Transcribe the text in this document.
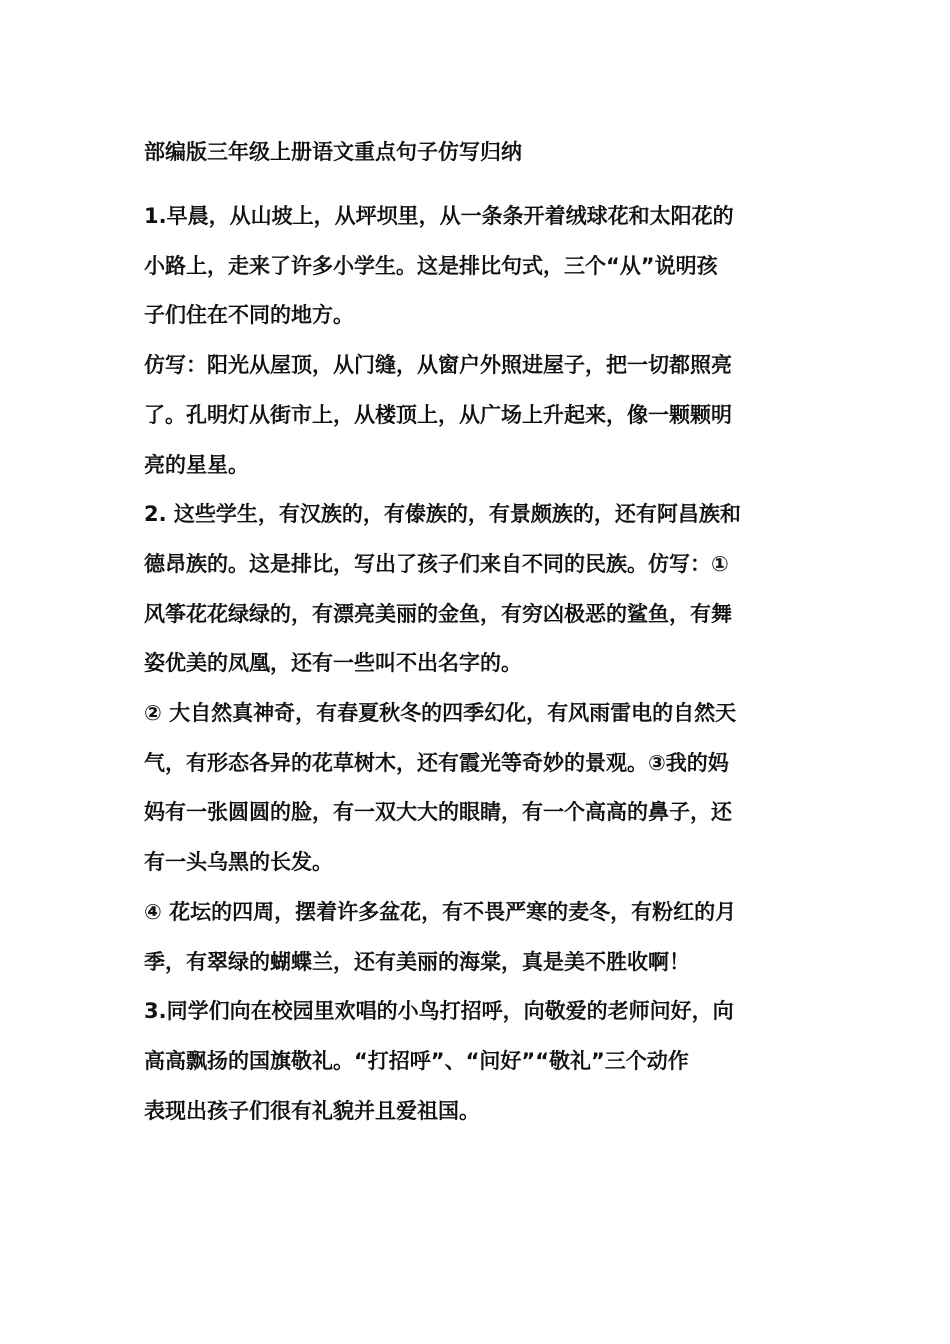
部编版三年级上册语文重点句子仿写归纳

1.早晨，从山坡上，从坪坝里，从一条条开着绒球花和太阳花的

小路上，走来了许多小学生。这是排比句式，三个“从”说明孩

子们住在不同的地方。

仿写：阳光从屋顶，从门缝，从窗户外照进屋子，把一切都照亮

了。孔明灯从街市上，从楼顶上，从广场上升起来，像一颗颗明

亮的星星。

2. 这些学生，有汉族的，有傣族的，有景颇族的，还有阿昌族和

德昂族的。这是排比，写出了孩子们来自不同的民族。仿写：①

风筝花花绿绿的，有漂亮美丽的金鱼，有穷凶极恶的鲨鱼，有舞

姿优美的凤凰，还有一些叫不出名字的。

② 大自然真神奇，有春夏秋冬的四季幻化，有风雨雷电的自然天

气，有形态各异的花草树木，还有霞光等奇妙的景观。③我的妈

妈有一张圆圆的脸，有一双大大的眼睛，有一个高高的鼻子，还

有一头乌黑的长发。

④ 花坛的四周，摆着许多盆花，有不畏严寒的麦冬，有粉红的月

季，有翠绿的蝴蝶兰，还有美丽的海棠，真是美不胜收啊！

3.同学们向在校园里欢唱的小鸟打招呼，向敬爱的老师问好，向

高高飘扬的国旗敬礼。“打招呼”、“问好”“敬礼”三个动作

表现出孩子们很有礼貌并且爱祖国。
